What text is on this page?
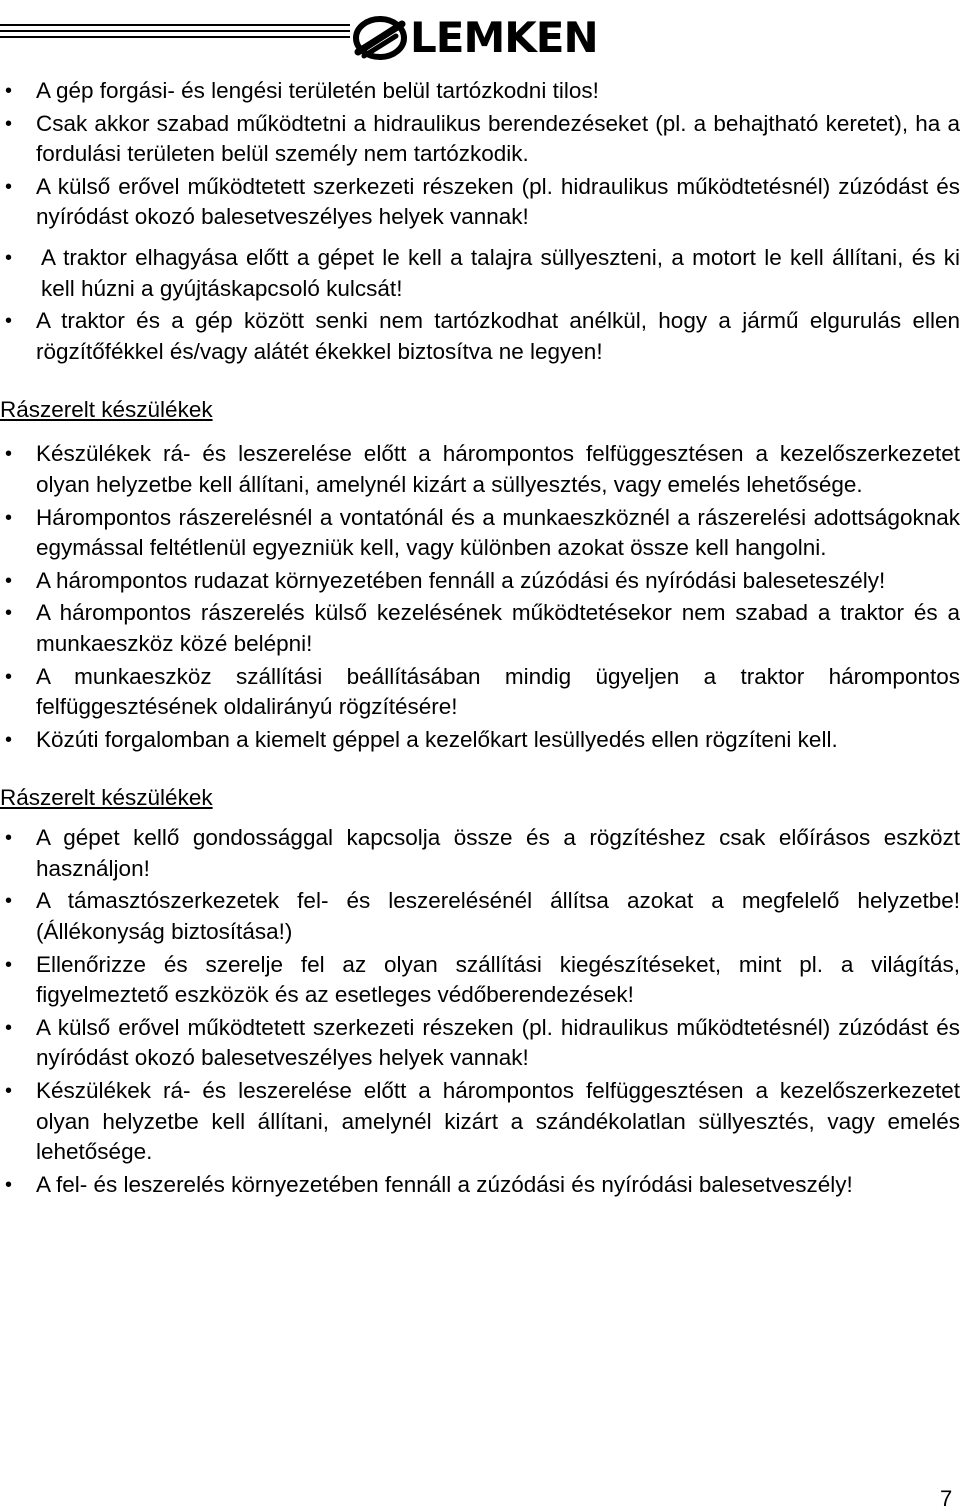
LEMKEN
• A gép forgási- és lengési területén belül tartózkodni tilos!
• Csak akkor szabad működtetni a hidraulikus berendezéseket (pl. a behajtható keretet), ha a fordulási területen belül személy nem tartózkodik.
• A külső erővel működtetett szerkezeti részeken (pl. hidraulikus működtetésnél) zúzódást és nyíródást okozó balesetveszélyes helyek vannak!
• A traktor elhagyása előtt a gépet le kell a talajra süllyeszteni, a motort le kell állítani, és ki kell húzni a gyújtáskapcsoló kulcsát!
• A traktor és a gép között senki nem tartózkodhat anélkül, hogy a jármű elgurulás ellen rögzítőfékkel és/vagy alátét ékekkel biztosítva ne legyen!

Rászerelt készülékek

• Készülékek rá- és leszerelése előtt a hárompontos felfüggesztésen a kezelőszerkezetet olyan helyzetbe kell állítani, amelynél kizárt a süllyesztés, vagy emelés lehetősége.
• Hárompontos rászerelésnél a vontatónál és a munkaeszköznél a rászerelési adottságoknak egymással feltétlenül egyezniük kell, vagy különben azokat össze kell hangolni.
• A hárompontos rudazat környezetében fennáll a zúzódási és nyíródási baleseteszély!
• A hárompontos rászerelés külső kezelésének működtetésekor nem szabad a traktor és a munkaeszköz közé belépni!
• A munkaeszköz szállítási beállításában mindig ügyeljen a traktor hárompontos felfüggesztésének oldalirányú rögzítésére!
• Közúti forgalomban a kiemelt géppel a kezelőkart lesüllyedés ellen rögzíteni kell.

Rászerelt készülékek

• A gépet kellő gondossággal kapcsolja össze és a rögzítéshez csak előírásos eszközt használjon!
• A támasztószerkezetek fel- és leszerelésénél állítsa azokat a megfelelő helyzetbe! (Állékonyság biztosítása!)
• Ellenőrizze és szerelje fel az olyan szállítási kiegészítéseket, mint pl. a világítás, figyelmeztető eszközök és az esetleges védőberendezések!
• A külső erővel működtetett szerkezeti részeken (pl. hidraulikus működtetésnél) zúzódást és nyíródást okozó balesetveszélyes helyek vannak!
• Készülékek rá- és leszerelése előtt a hárompontos felfüggesztésen a kezelőszerkezetet olyan helyzetbe kell állítani, amelynél kizárt a szándékolatlan süllyesztés, vagy emelés lehetősége.
• A fel- és leszerelés környezetében fennáll a zúzódási és nyíródási balesetveszély!
7
